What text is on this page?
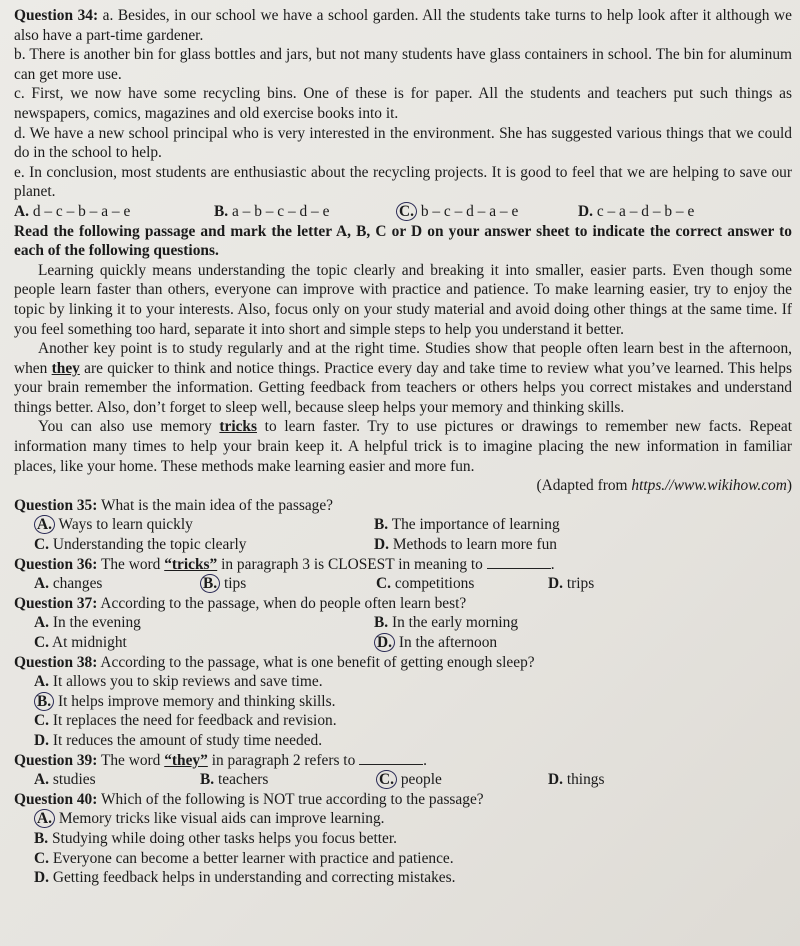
Question 34: a. Besides, in our school we have a school garden. All the students take turns to help look after it although we also have a part-time gardener.

b. There is another bin for glass bottles and jars, but not many students have glass containers in school. The bin for aluminum can get more use.

c. First, we now have some recycling bins. One of these is for paper. All the students and teachers put such things as newspapers, comics, magazines and old exercise books into it.

d. We have a new school principal who is very interested in the environment. She has suggested various things that we could do in the school to help.

e. In conclusion, most students are enthusiastic about the recycling projects. It is good to feel that we are helping to save our planet.

A. d – c – b – a – e	B. a – b – c – d – e	C. b – c – d – a – e	D. c – a – d – b – e

Read the following passage and mark the letter A, B, C or D on your answer sheet to indicate the correct answer to each of the following questions.

Learning quickly means understanding the topic clearly and breaking it into smaller, easier parts. Even though some people learn faster than others, everyone can improve with practice and patience. To make learning easier, try to enjoy the topic by linking it to your interests. Also, focus only on your study material and avoid doing other things at the same time. If you feel something too hard, separate it into short and simple steps to help you understand it better.

Another key point is to study regularly and at the right time. Studies show that people often learn best in the afternoon, when they are quicker to think and notice things. Practice every day and take time to review what you’ve learned. This helps your brain remember the information. Getting feedback from teachers or others helps you correct mistakes and understand things better. Also, don’t forget to sleep well, because sleep helps your memory and thinking skills.

You can also use memory tricks to learn faster. Try to use pictures or drawings to remember new facts. Repeat information many times to help your brain keep it. A helpful trick is to imagine placing the new information in familiar places, like your home. These methods make learning easier and more fun.

(Adapted from https.//www.wikihow.com)

Question 35: What is the main idea of the passage?

A. Ways to learn quickly	B. The importance of learning
C. Understanding the topic clearly	D. Methods to learn more fun

Question 36: The word “tricks” in paragraph 3 is CLOSEST in meaning to	.

A. changes	B. tips	C. competitions	D. trips

Question 37: According to the passage, when do people often learn best?

A. In the evening	B. In the early morning
C. At midnight	D. In the afternoon

Question 38: According to the passage, what is one benefit of getting enough sleep?

A. It allows you to skip reviews and save time.

B. It helps improve memory and thinking skills.

C. It replaces the need for feedback and revision.

D. It reduces the amount of study time needed.

Question 39: The word “they” in paragraph 2 refers to	.

A. studies	B. teachers	C. people	D. things

Question 40: Which of the following is NOT true according to the passage?

A. Memory tricks like visual aids can improve learning.

B. Studying while doing other tasks helps you focus better.

C. Everyone can become a better learner with practice and patience.

D. Getting feedback helps in understanding and correcting mistakes.
